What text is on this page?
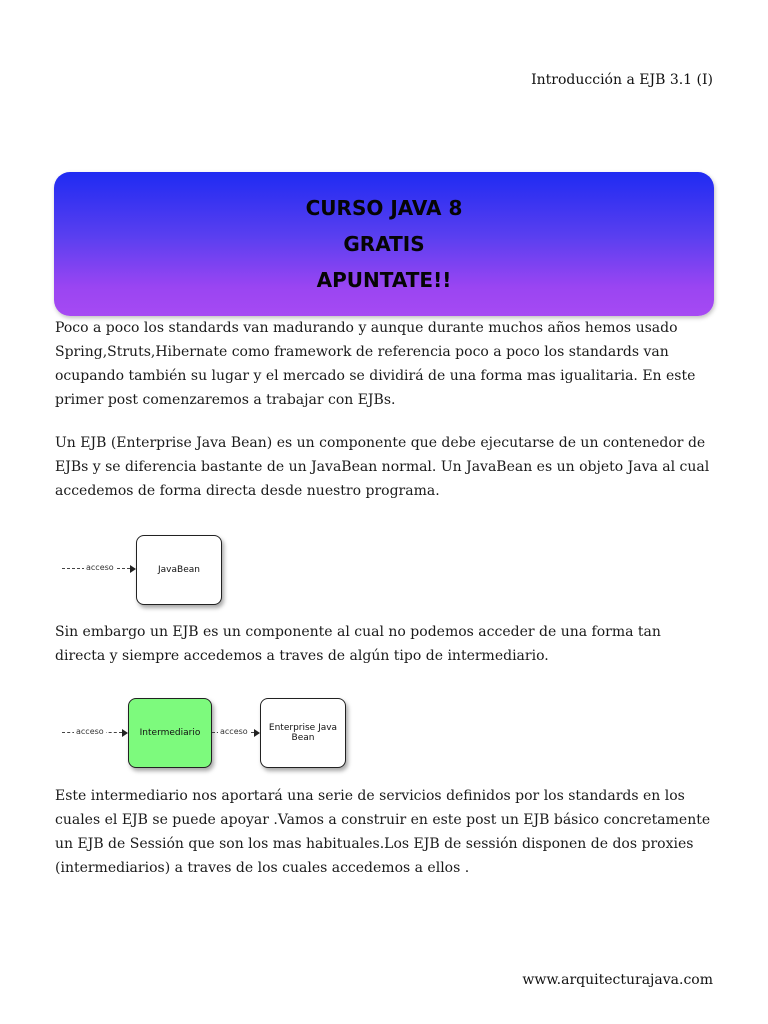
Introducción a EJB 3.1 (I)
CURSO JAVA 8
GRATIS
APUNTATE!!

Poco a poco los standards van madurando y aunque durante muchos años hemos usado Spring,Struts,Hibernate como framework de referencia poco a poco los standards van ocupando también su lugar y el mercado se dividirá de una forma mas igualitaria. En este primer post comenzaremos a trabajar con EJBs.

Un EJB (Enterprise Java Bean) es un componente que debe ejecutarse de un contenedor de EJBs y se diferencia bastante de un JavaBean normal. Un JavaBean es un objeto Java al cual accedemos de forma directa desde nuestro programa.

acceso	JavaBean

Sin embargo un EJB es un componente al cual no podemos acceder de una forma tan directa y siempre accedemos a traves de algún tipo de intermediario.

acceso	Intermediario	acceso	Enterprise Java Bean

Este intermediario nos aportará una serie de servicios definidos por los standards en los cuales el EJB se puede apoyar .Vamos a construir en este post un EJB básico concretamente un EJB de Sessión que son los mas habituales.Los EJB de sessión disponen de dos proxies (intermediarios) a traves de los cuales accedemos a ellos .

www.arquitecturajava.com
